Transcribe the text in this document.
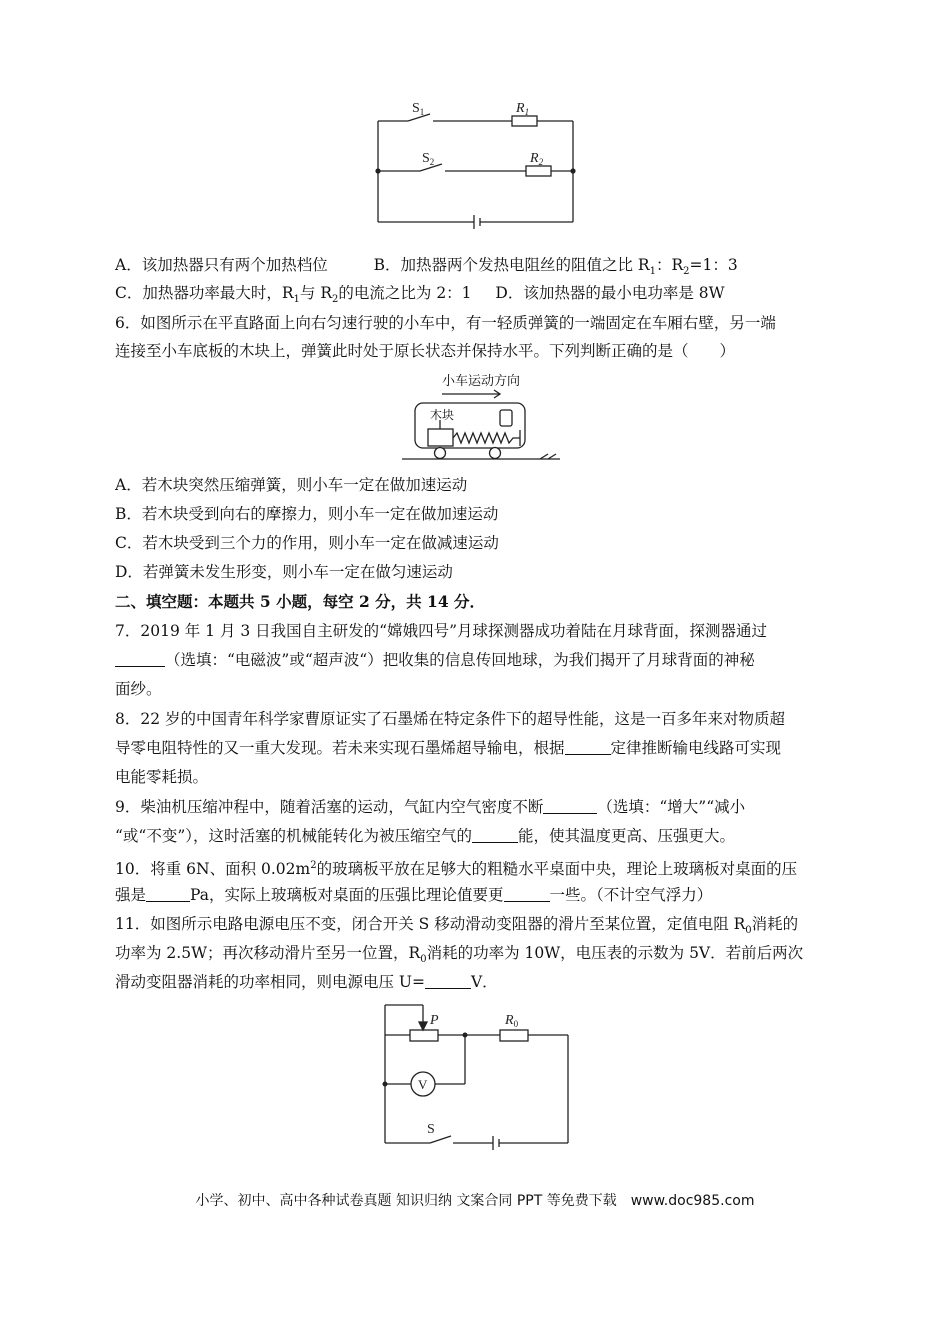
$S_1$	$R_1$
$S_2$	$R_2$
A．该加热器只有两个加热档位	B．加热器两个发热电阻丝的阻值之比 $R_1$：$R_2=1$：3
C．加热器功率最大时，$R_1$与 $R_2$的电流之比为 2：1 D．该加热器的最小电功率是 8W
6．如图所示在平直路面上向右匀速行驶的小车中，有一轻质弹簧的一端固定在车厢右壁，另一端
连接至小车底板的木块上，弹簧此时处于原长状态并保持水平。下列判断正确的是（　　）
小车运动方向
木块
A．若木块突然压缩弹簧，则小车一定在做加速运动
B．若木块受到向右的摩擦力，则小车一定在做加速运动
C．若木块受到三个力的作用，则小车一定在做减速运动
D．若弹簧未发生形变，则小车一定在做匀速运动
二、填空题：本题共 5 小题，每空 2 分，共 14 分．
7．2019 年 1 月 3 日我国自主研发的“嫦娥四号”月球探测器成功着陆在月球背面，探测器通过
（选填：“电磁波”或“超声波“）把收集的信息传回地球，为我们揭开了月球背面的神秘
面纱。
8．22 岁的中国青年科学家曹原证实了石墨烯在特定条件下的超导性能，这是一百多年来对物质超
导零电阻特性的又一重大发现。若未来实现石墨烯超导输电，根据	定律推断输电线路可实现
电能零耗损。
9．柴油机压缩冲程中，随着活塞的运动，气缸内空气密度不断	（选填：“增大”“减小
“或“不变”），这时活塞的机械能转化为被压缩空气的	能，使其温度更高、压强更大。
10．将重 6N、面积 $0.02m^2$的玻璃板平放在足够大的粗糙水平桌面中央，理论上玻璃板对桌面的压
强是	Pa，实际上玻璃板对桌面的压强比理论值要更	一些。（不计空气浮力）
11．如图所示电路电源电压不变，闭合开关 S 移动滑动变阻器的滑片至某位置，定值电阻 $R_0$消耗的
功率为 2.5W；再次移动滑片至另一位置，$R_0$消耗的功率为 10W，电压表的示数为 5V．若前后两次
滑动变阻器消耗的功率相同，则电源电压 U=	V．
V
P	$R_0$
S
小学、初中、高中各种试卷真题 知识归纳 文案合同 PPT 等免费下载　www.doc985.com
